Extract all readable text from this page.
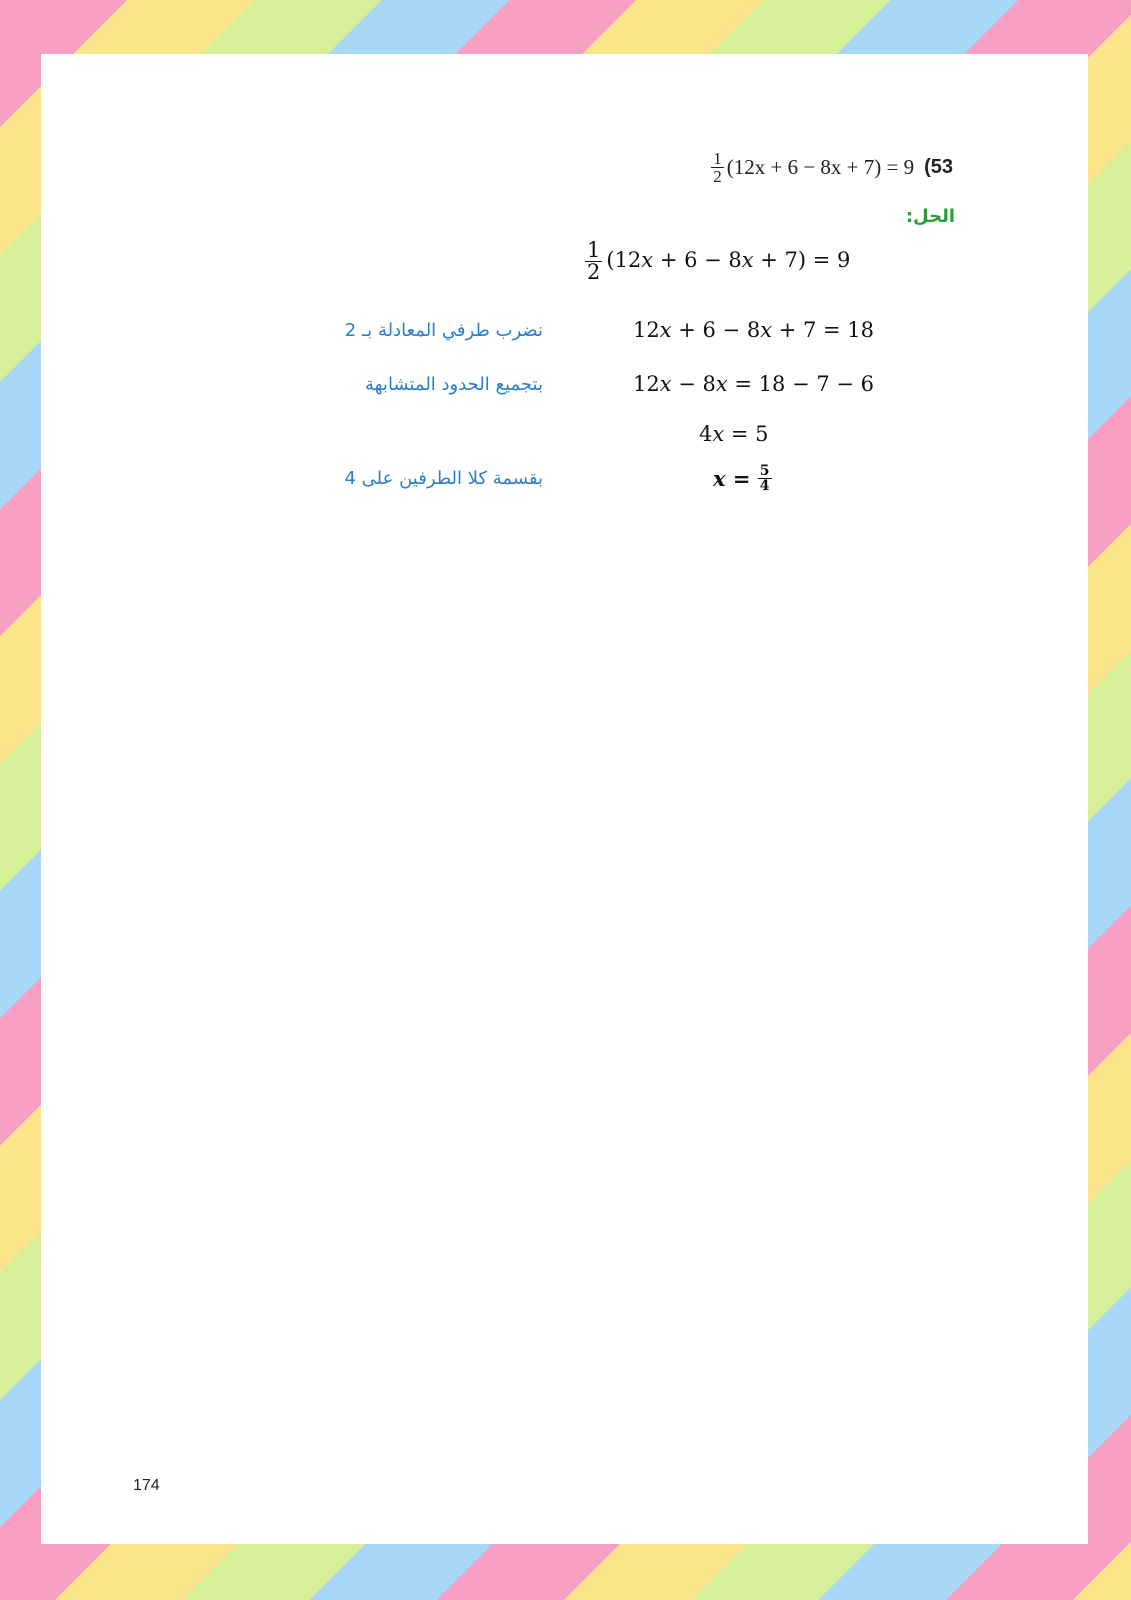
$\frac{1}{2} (12x + 6 - 8x + 7) = 9$ (53
الحل:
$\frac{1}{2} (12x + 6 - 8x + 7) = 9$
12x + 6 − 8x + 7 = 18
نضرب طرفي المعادلة بـ 2
12x − 8x = 18 − 7 − 6
بتجميع الحدود المتشابهة
4x = 5
$x = \frac{5}{4}$
بقسمة كلا الطرفين على 4
174
